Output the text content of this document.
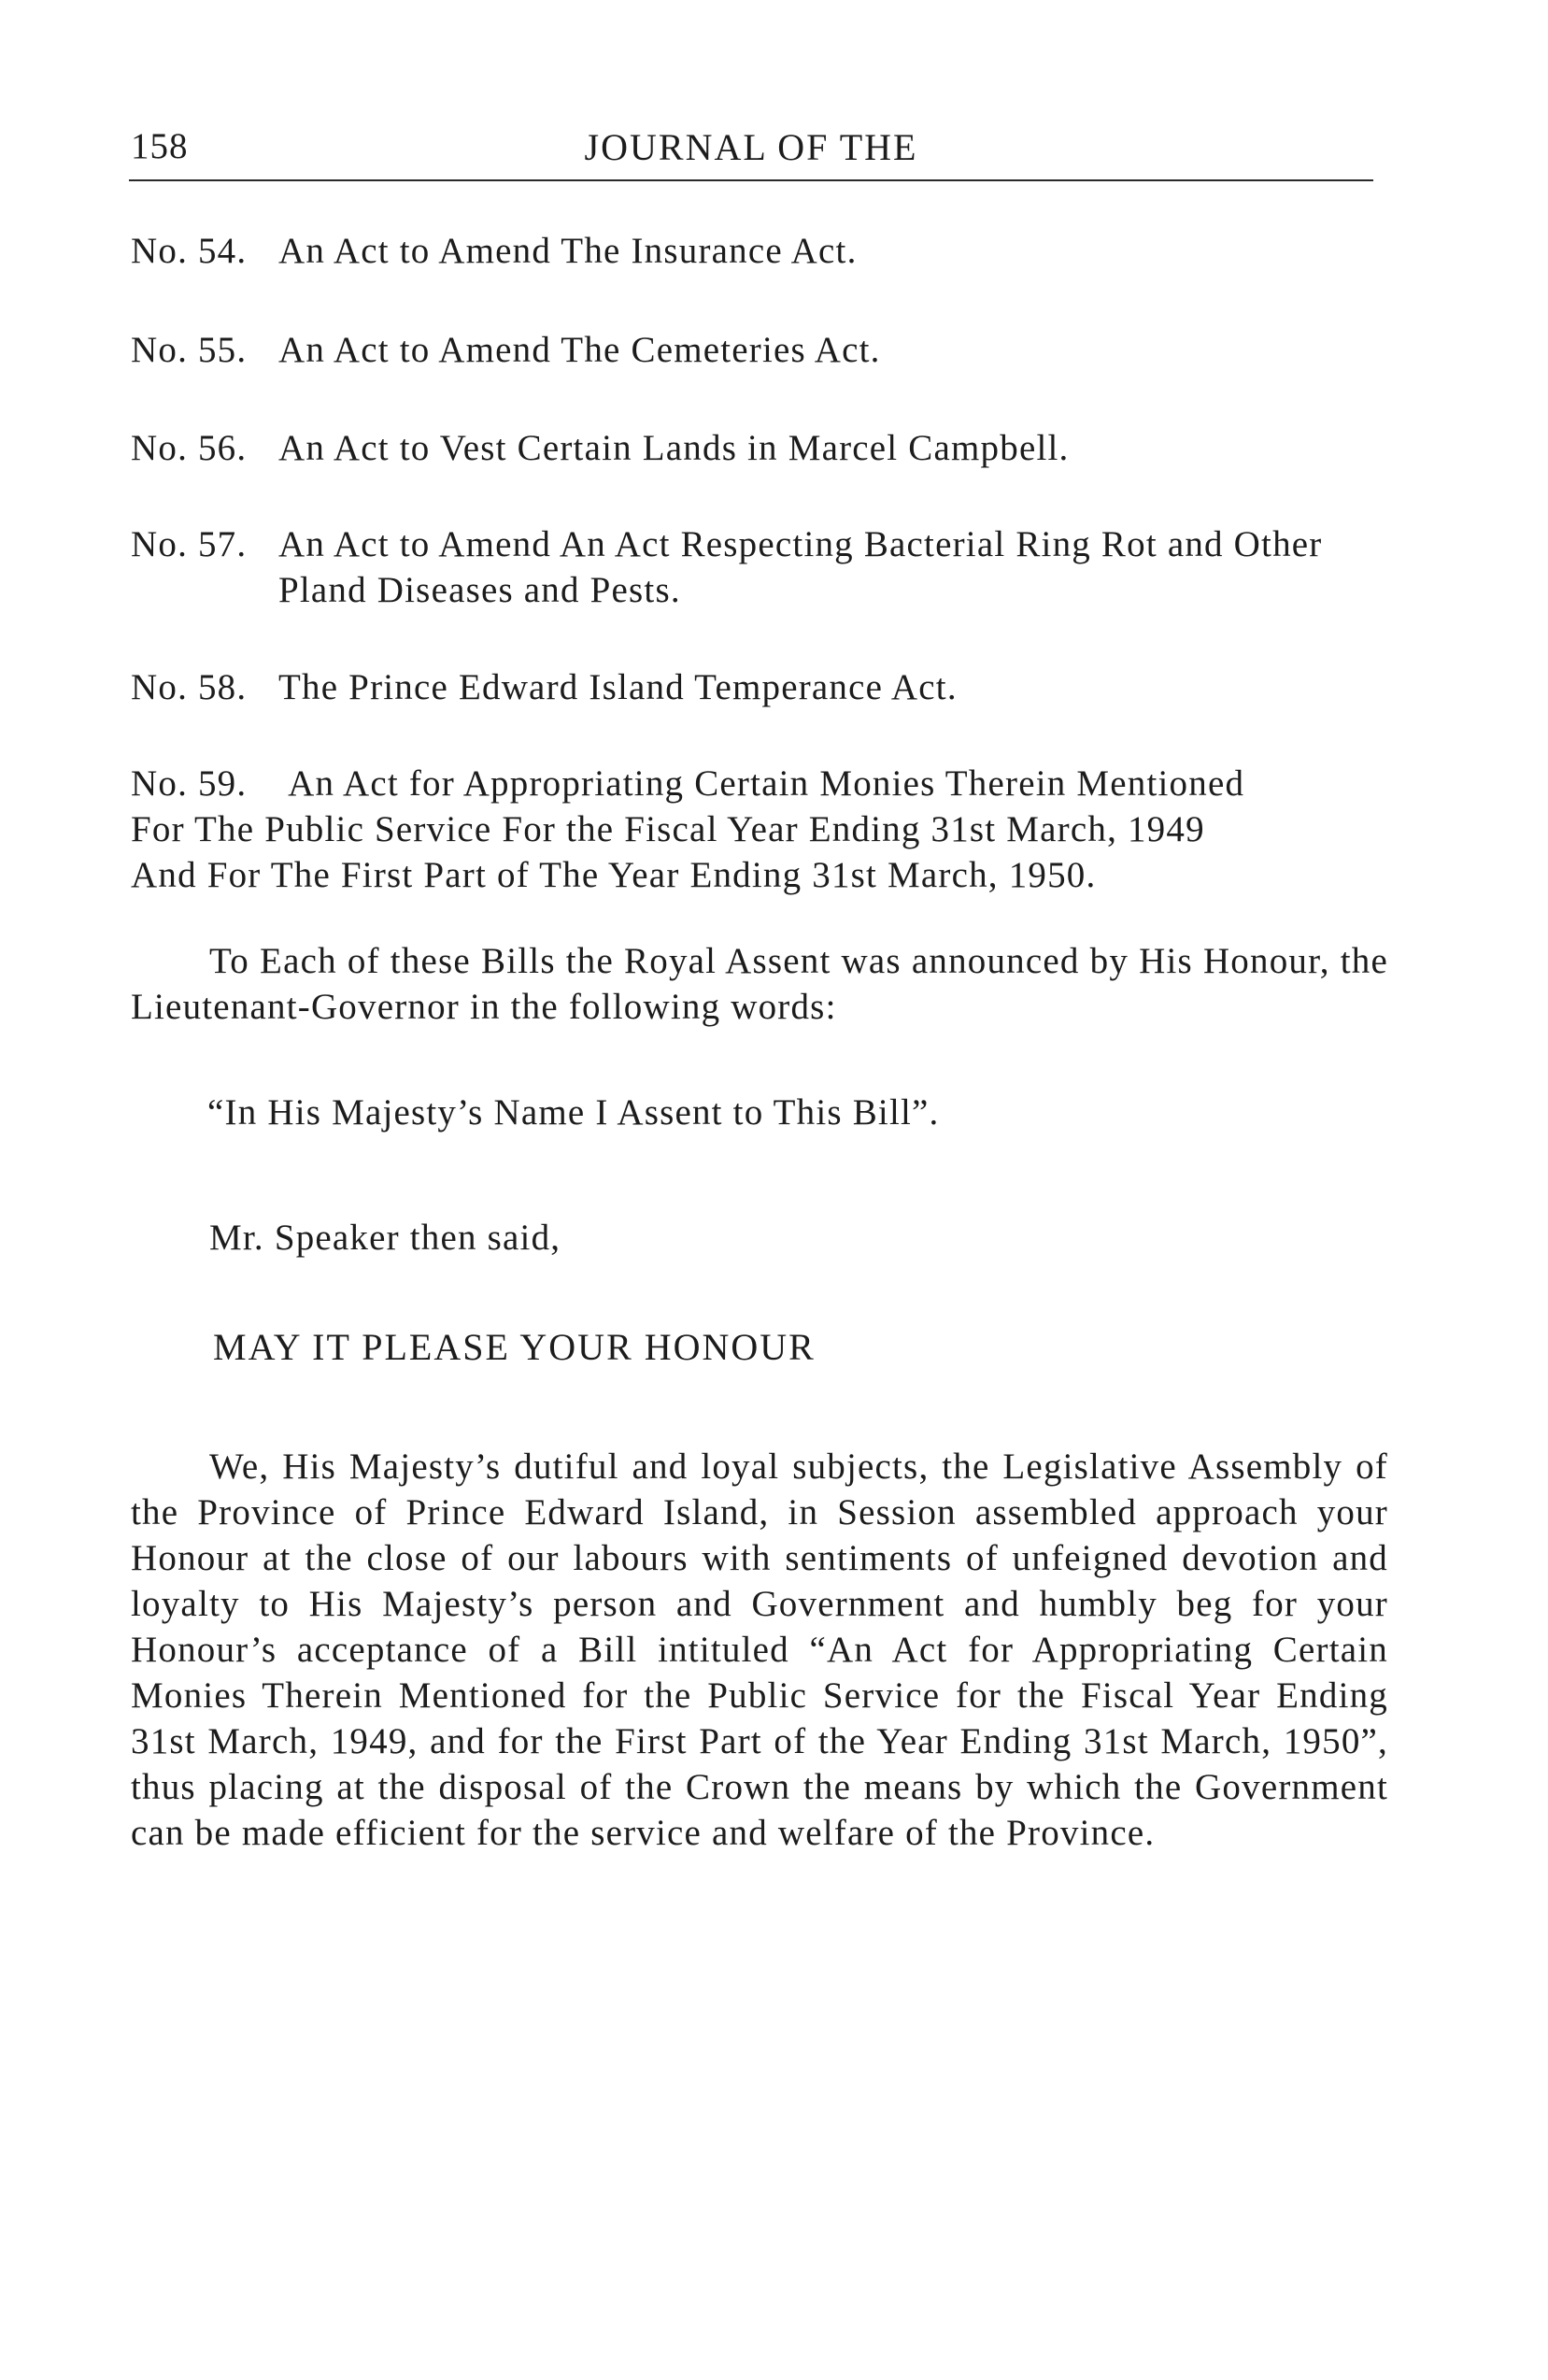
158	JOURNAL OF THE
No. 54. An Act to Amend The Insurance Act.
No. 55. An Act to Amend The Cemeteries Act.
No. 56. An Act to Vest Certain Lands in Marcel Campbell.
No. 57. An Act to Amend An Act Respecting Bacterial Ring Rot and Other Pland Diseases and Pests.
No. 58. The Prince Edward Island Temperance Act.
No. 59. An Act for Appropriating Certain Monies Therein Mentioned
For The Public Service For the Fiscal Year Ending 31st March, 1949
And For The First Part of The Year Ending 31st March, 1950.
To Each of these Bills the Royal Assent was announced by His Honour, the Lieutenant-Governor in the following words:
“In His Majesty’s Name I Assent to This Bill”.
Mr. Speaker then said,
MAY IT PLEASE YOUR HONOUR
We, His Majesty’s dutiful and loyal subjects, the Legislative Assembly of the Province of Prince Edward Island, in Session assembled approach your Honour at the close of our labours with sentiments of unfeigned devotion and loyalty to His Majesty’s person and Government and humbly beg for your Honour’s acceptance of a Bill intituled “An Act for Appropriating Certain Monies Therein Mentioned for the Public Service for the Fiscal Year Ending 31st March, 1949, and for the First Part of the Year Ending 31st March, 1950”, thus placing at the disposal of the Crown the means by which the Government can be made efficient for the service and welfare of the Province.
